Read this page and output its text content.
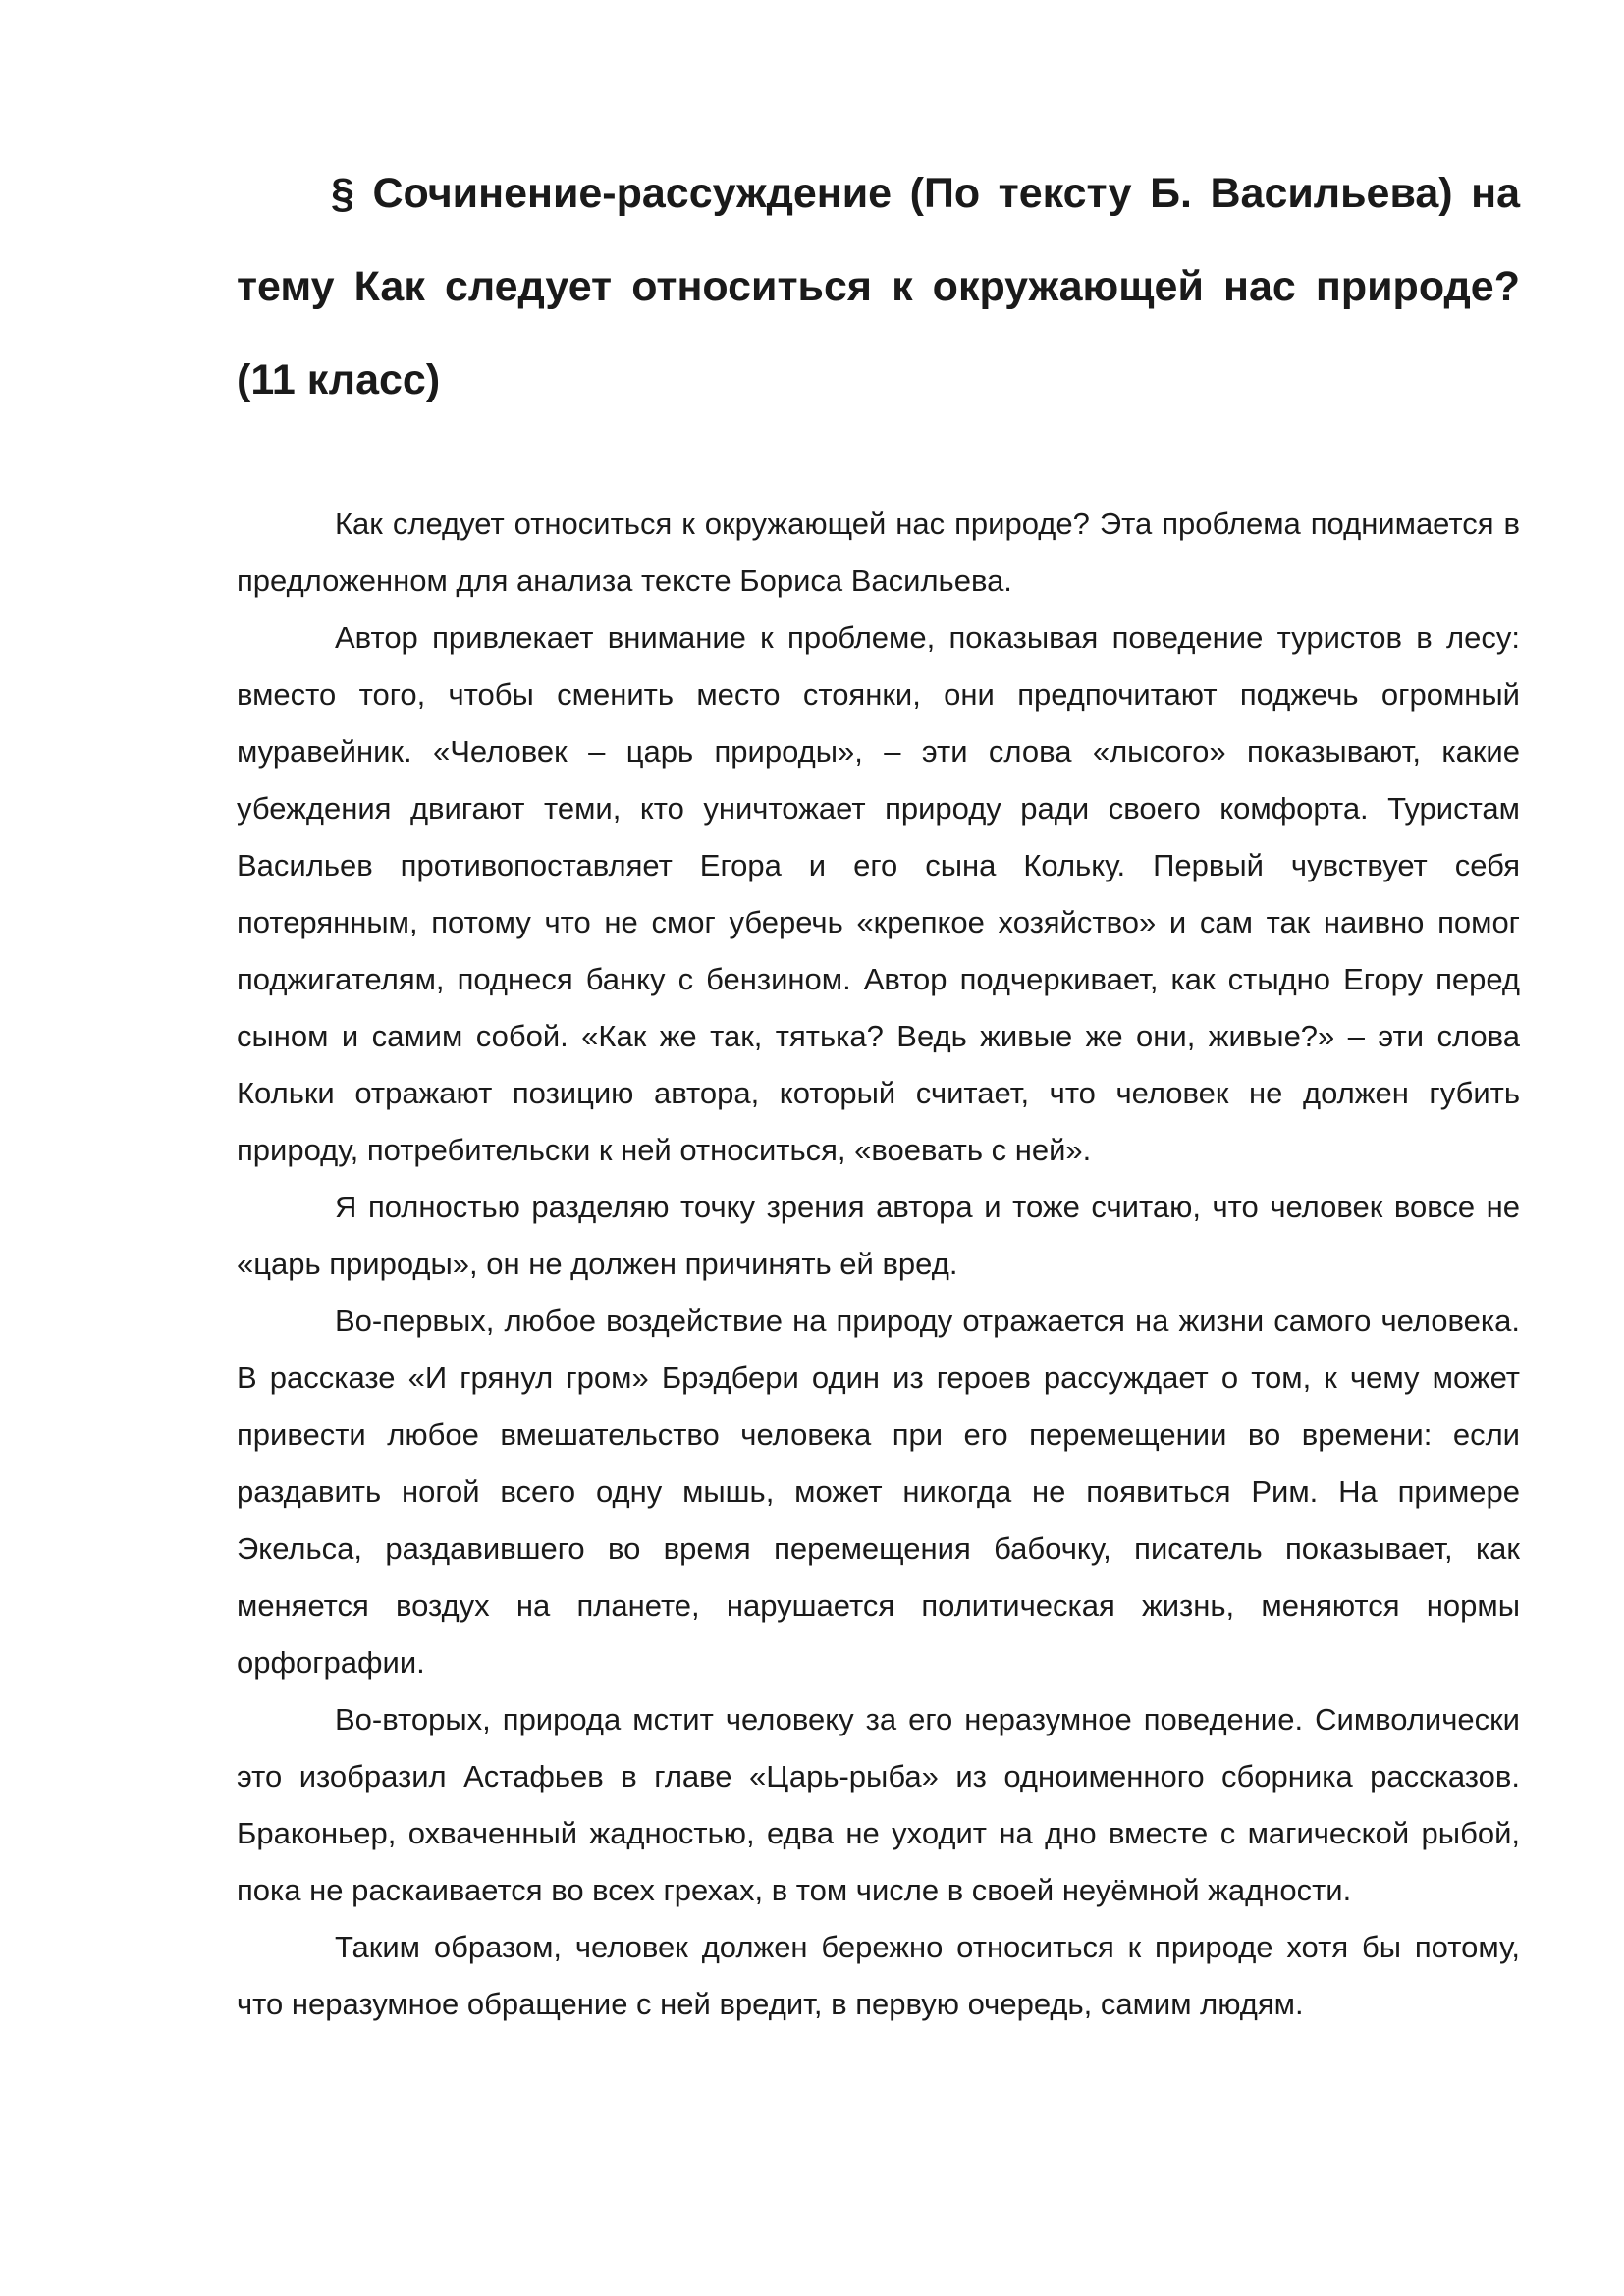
§ Сочинение-рассуждение (По тексту Б. Васильева) на тему Как следует относиться к окружающей нас природе? (11 класс)

Как следует относиться к окружающей нас природе? Эта проблема поднимается в предложенном для анализа тексте Бориса Васильева.

Автор привлекает внимание к проблеме, показывая поведение туристов в лесу: вместо того, чтобы сменить место стоянки, они предпочитают поджечь огромный муравейник. «Человек – царь природы», – эти слова «лысого» показывают, какие убеждения двигают теми, кто уничтожает природу ради своего комфорта. Туристам Васильев противопоставляет Егора и его сына Кольку. Первый чувствует себя потерянным, потому что не смог уберечь «крепкое хозяйство» и сам так наивно помог поджигателям, поднеся банку с бензином. Автор подчеркивает, как стыдно Егору перед сыном и самим собой. «Как же так, тятька? Ведь живые же они, живые?» – эти слова Кольки отражают позицию автора, который считает, что человек не должен губить природу, потребительски к ней относиться, «воевать с ней».

Я полностью разделяю точку зрения автора и тоже считаю, что человек вовсе не «царь природы», он не должен причинять ей вред.

Во-первых, любое воздействие на природу отражается на жизни самого человека. В рассказе «И грянул гром» Брэдбери один из героев рассуждает о том, к чему может привести любое вмешательство человека при его перемещении во времени: если раздавить ногой всего одну мышь, может никогда не появиться Рим. На примере Экельса, раздавившего во время перемещения бабочку, писатель показывает, как меняется воздух на планете, нарушается политическая жизнь, меняются нормы орфографии.

Во-вторых, природа мстит человеку за его неразумное поведение. Символически это изобразил Астафьев в главе «Царь-рыба» из одноименного сборника рассказов. Браконьер, охваченный жадностью, едва не уходит на дно вместе с магической рыбой, пока не раскаивается во всех грехах, в том числе в своей неуёмной жадности.

Таким образом, человек должен бережно относиться к природе хотя бы потому, что неразумное обращение с ней вредит, в первую очередь, самим людям.
